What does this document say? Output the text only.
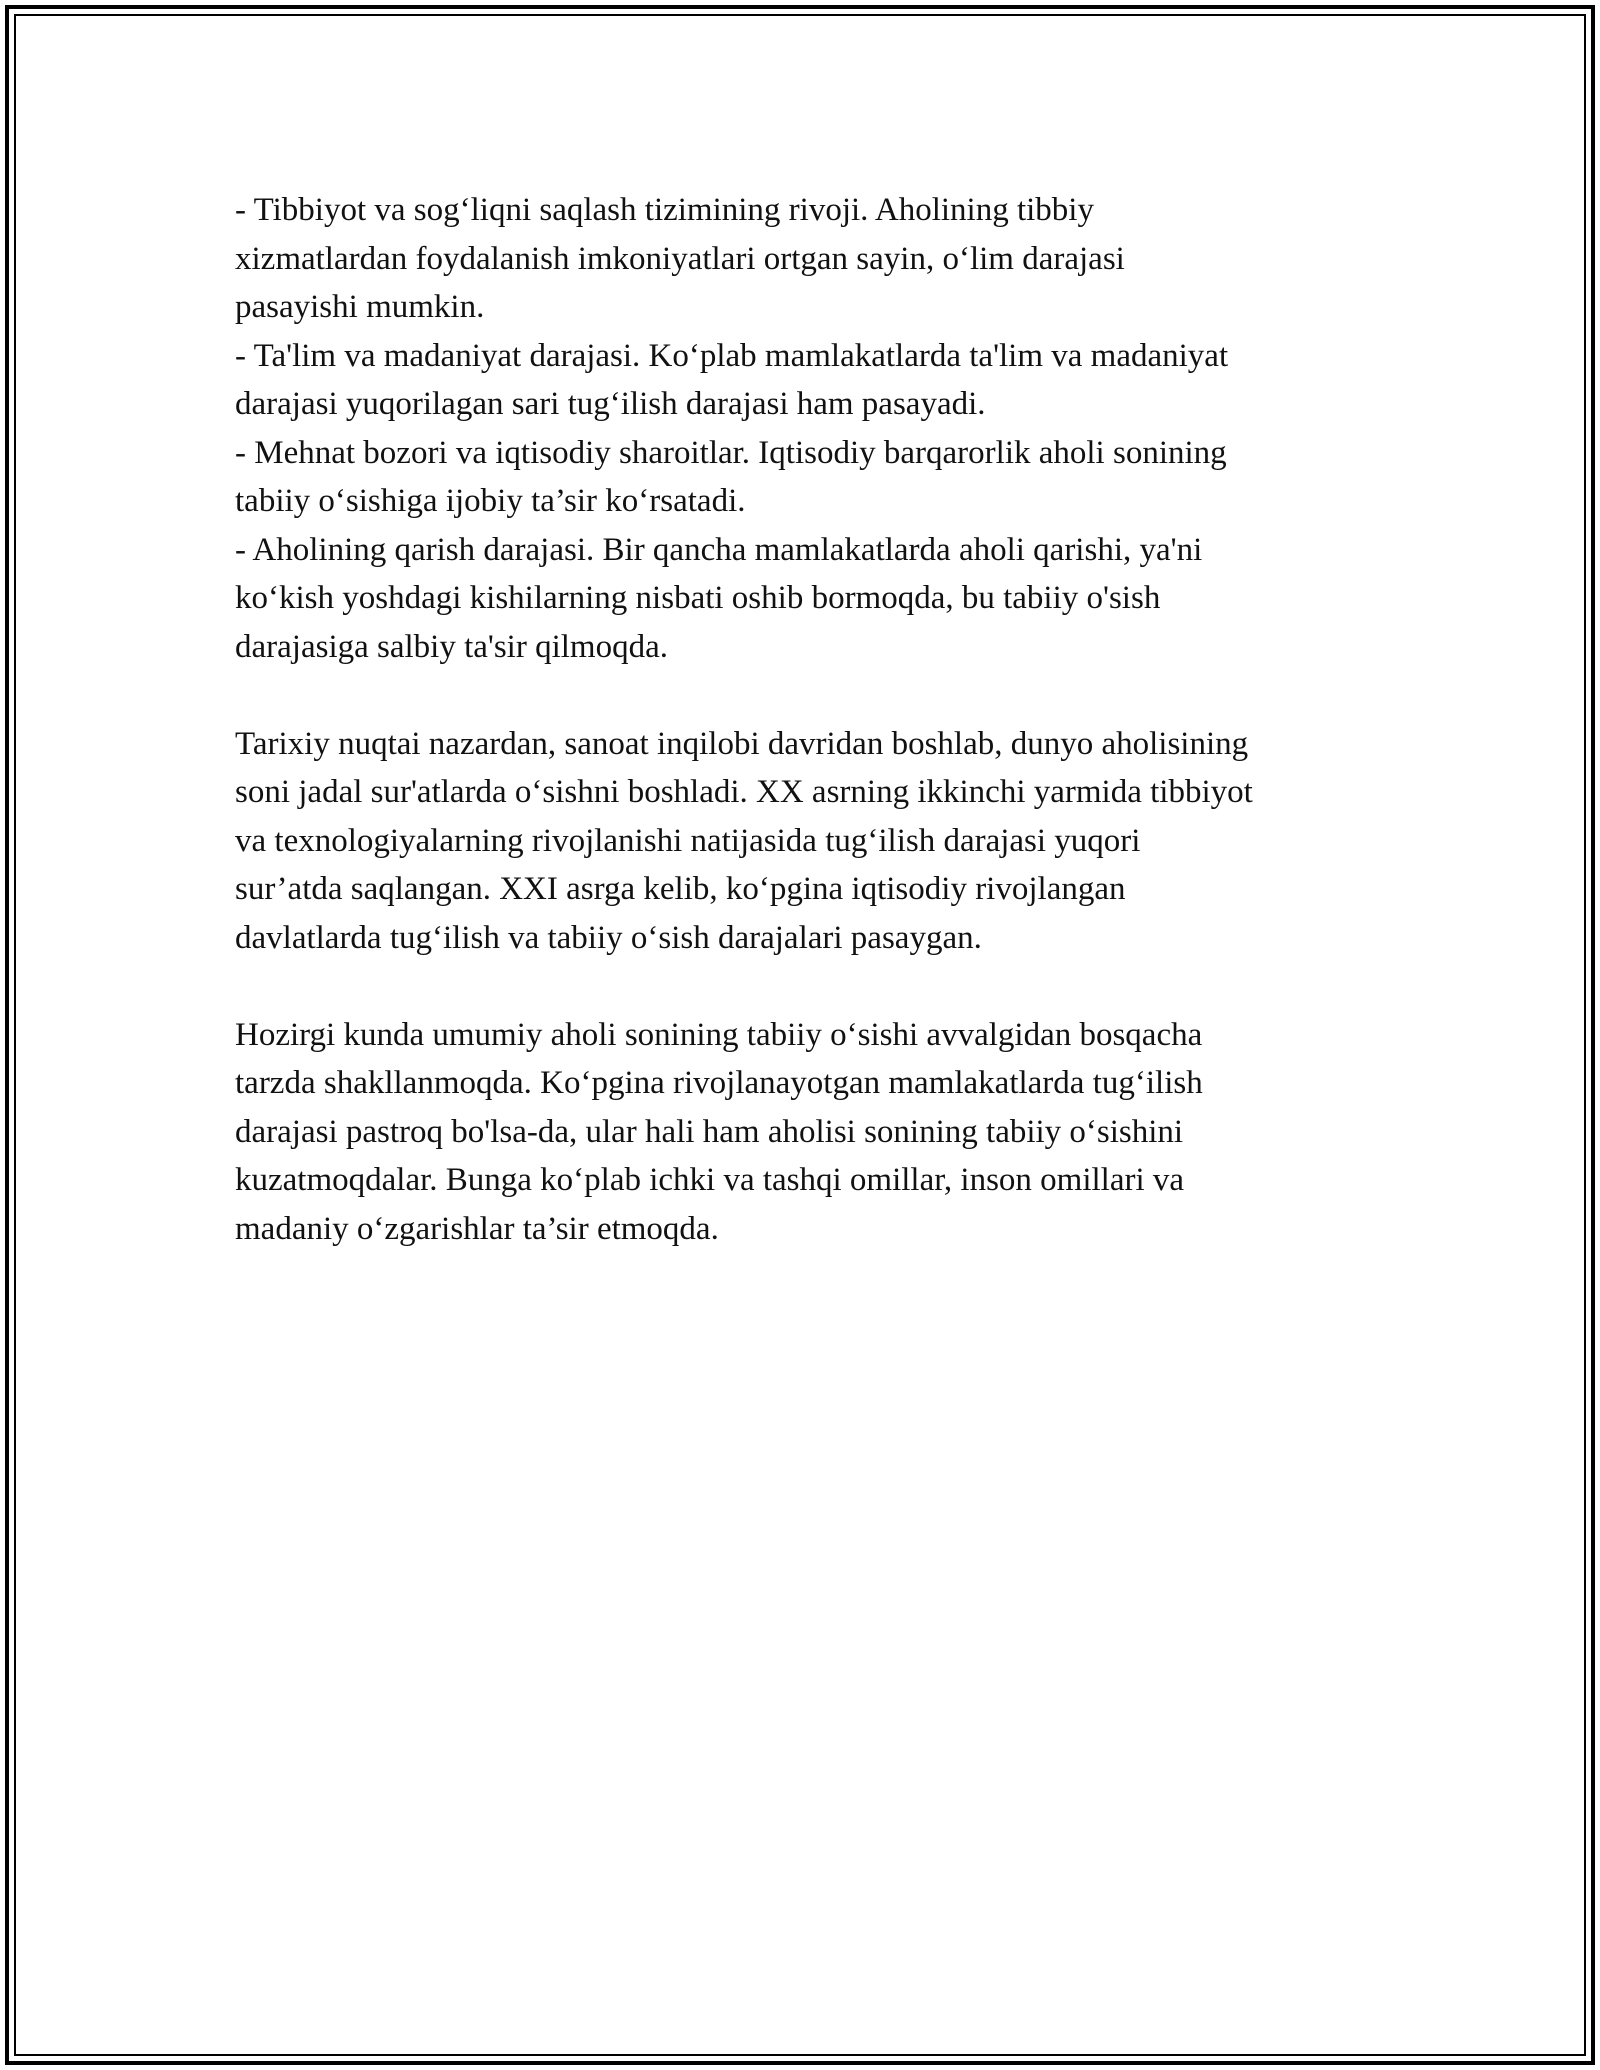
- Tibbiyot va sog‘liqni saqlash tizimining rivoji. Aholining tibbiy

xizmatlardan foydalanish imkoniyatlari ortgan sayin, o‘lim darajasi

pasayishi mumkin.

- Ta'lim va madaniyat darajasi. Ko‘plab mamlakatlarda ta'lim va madaniyat

darajasi yuqorilagan sari tug‘ilish darajasi ham pasayadi.

- Mehnat bozori va iqtisodiy sharoitlar. Iqtisodiy barqarorlik aholi sonining

tabiiy o‘sishiga ijobiy ta’sir ko‘rsatadi.

- Aholining qarish darajasi. Bir qancha mamlakatlarda aholi qarishi, ya'ni

ko‘kish yoshdagi kishilarning nisbati oshib bormoqda, bu tabiiy o'sish

darajasiga salbiy ta'sir qilmoqda.

Tarixiy nuqtai nazardan, sanoat inqilobi davridan boshlab, dunyo aholisining

soni jadal sur'atlarda o‘sishni boshladi. XX asrning ikkinchi yarmida tibbiyot

va texnologiyalarning rivojlanishi natijasida tug‘ilish darajasi yuqori

sur’atda saqlangan. XXI asrga kelib, ko‘pgina iqtisodiy rivojlangan

davlatlarda tug‘ilish va tabiiy o‘sish darajalari pasaygan.

Hozirgi kunda umumiy aholi sonining tabiiy o‘sishi avvalgidan bosqacha

tarzda shakllanmoqda. Ko‘pgina rivojlanayotgan mamlakatlarda tug‘ilish

darajasi pastroq bo'lsa-da, ular hali ham aholisi sonining tabiiy o‘sishini

kuzatmoqdalar. Bunga ko‘plab ichki va tashqi omillar, inson omillari va

madaniy o‘zgarishlar ta’sir etmoqda.
